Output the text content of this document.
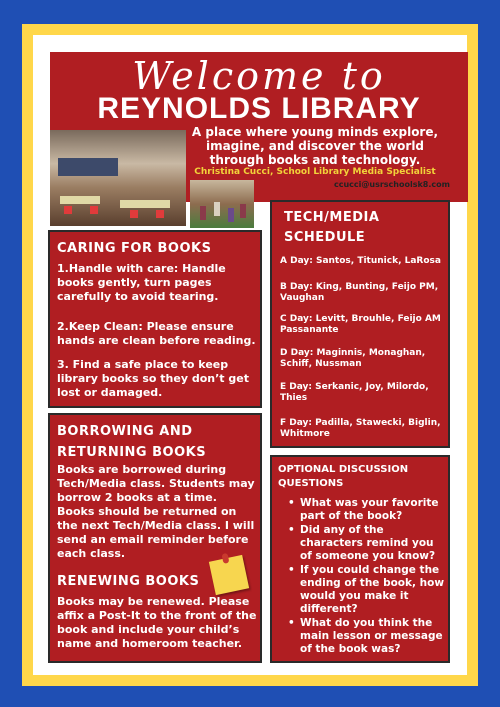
Welcome to
REYNOLDS LIBRARY
A place where young minds explore, imagine, and discover the world through books and technology.
Christina Cucci, School Library Media Specialist
ccucci@usrschoolsk8.com
CARING FOR BOOKS

1.Handle with care: Handle books gently, turn pages carefully to avoid tearing.

2.Keep Clean: Please ensure hands are clean before reading.

3. Find a safe place to keep library books so they don’t get lost or damaged.

BORROWING AND RETURNING BOOKS

Books are borrowed during Tech/Media class. Students may borrow 2 books at a time. Books should be returned on the next Tech/Media class. I will send an email reminder before each class.

RENEWING BOOKS

Books may be renewed. Please affix a Post-It to the front of the book and include your child’s name and homeroom teacher.

TECH/MEDIA SCHEDULE
A Day: Santos, Titunick, LaRosa
B Day: King, Bunting, Feijo PM, Vaughan
C Day: Levitt, Brouhle, Feijo AM Passanante
D Day: Maginnis, Monaghan, Schiff, Nussman
E Day: Serkanic, Joy, Milordo, Thies
F Day: Padilla, Stawecki, Biglin, Whitmore
OPTIONAL DISCUSSION QUESTIONS
• What was your favorite part of the book?
• Did any of the characters remind you of someone you know?
• If you could change the ending of the book, how would you make it different?
• What do you think the main lesson or message of the book was?
